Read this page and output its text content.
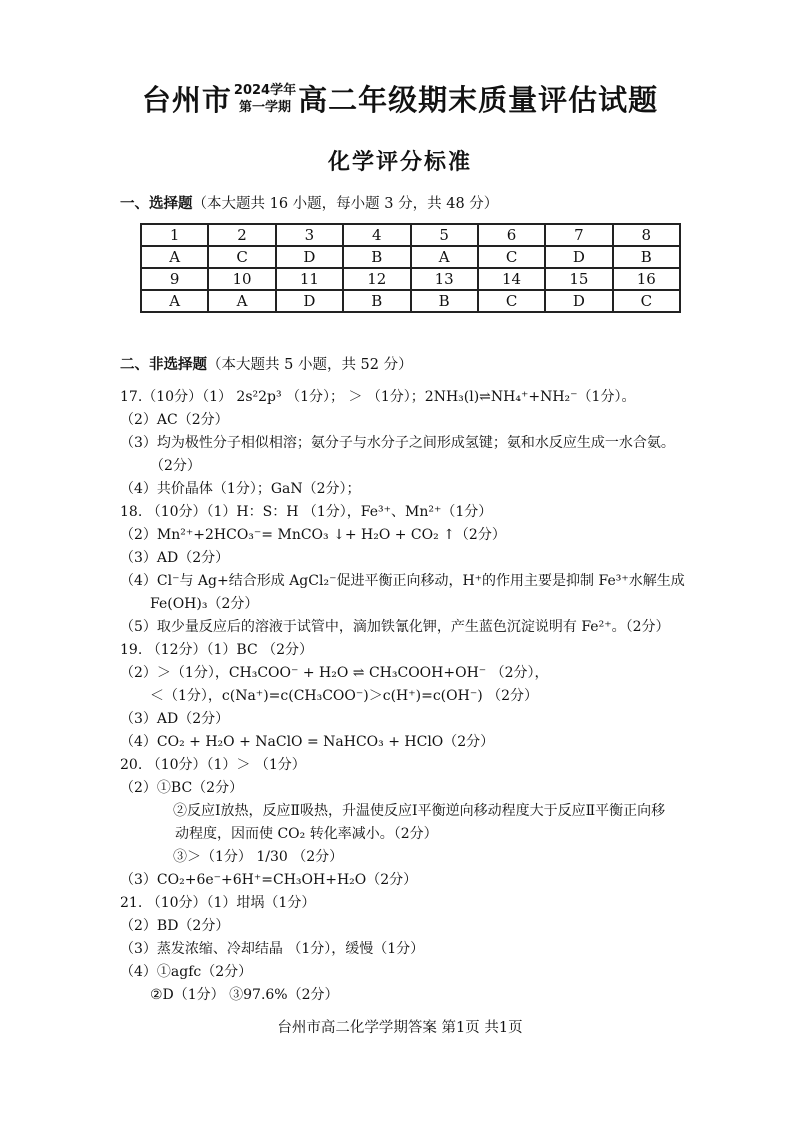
台州市 2024学年
第一学期 高二年级期末质量评估试题
化学评分标准
一、选择题（本大题共 16 小题，每小题 3 分，共 48 分）
1	2	3	4	5	6	7	8
A	C	D	B	A	C	D	B
9	10	11	12	13	14	15	16
A	A	D	B	B	C	D	C
二、非选择题（本大题共 5 小题，共 52 分）
17.（10分）（1） 2s²2p³ （1分）； ＞ （1分）；2NH₃(l)⇌NH₄⁺+NH₂⁻（1分）。
（2）AC（2分）
（3）均为极性分子相似相溶；氨分子与水分子之间形成氢键；氨和水反应生成一水合氨。
（2分）
（4）共价晶体（1分）；GaN（2分）；
18. （10分）（1）H：S：H （1分），Fe³⁺、Mn²⁺（1分）
（2）Mn²⁺+2HCO₃⁻= MnCO₃ ↓+ H₂O + CO₂ ↑（2分）
（3）AD（2分）
（4）Cl⁻与 Ag+结合形成 AgCl₂⁻促进平衡正向移动，H⁺的作用主要是抑制 Fe³⁺水解生成
Fe(OH)₃（2分）
（5）取少量反应后的溶液于试管中，滴加铁氰化钾，产生蓝色沉淀说明有 Fe²⁺。（2分）
19. （12分）（1）BC （2分）
（2）＞（1分），CH₃COO⁻ + H₂O ⇌ CH₃COOH+OH⁻ （2分），
＜（1分），c(Na⁺)=c(CH₃COO⁻)＞c(H⁺)=c(OH⁻) （2分）
（3）AD（2分）
（4）CO₂ + H₂O + NaClO = NaHCO₃ + HClO（2分）
20. （10分）（1）＞ （1分）
（2）①BC（2分）
②反应Ⅰ放热，反应Ⅱ吸热，升温使反应Ⅰ平衡逆向移动程度大于反应Ⅱ平衡正向移
动程度，因而使 CO₂ 转化率减小。（2分）
③＞（1分） 1/30 （2分）
（3）CO₂+6e⁻+6H⁺=CH₃OH+H₂O（2分）
21. （10分）（1）坩埚（1分）
（2）BD（2分）
（3）蒸发浓缩、冷却结晶 （1分），缓慢（1分）
（4）①agfc（2分）
②D（1分） ③97.6%（2分）
台州市高二化学学期答案 第1页 共1页
